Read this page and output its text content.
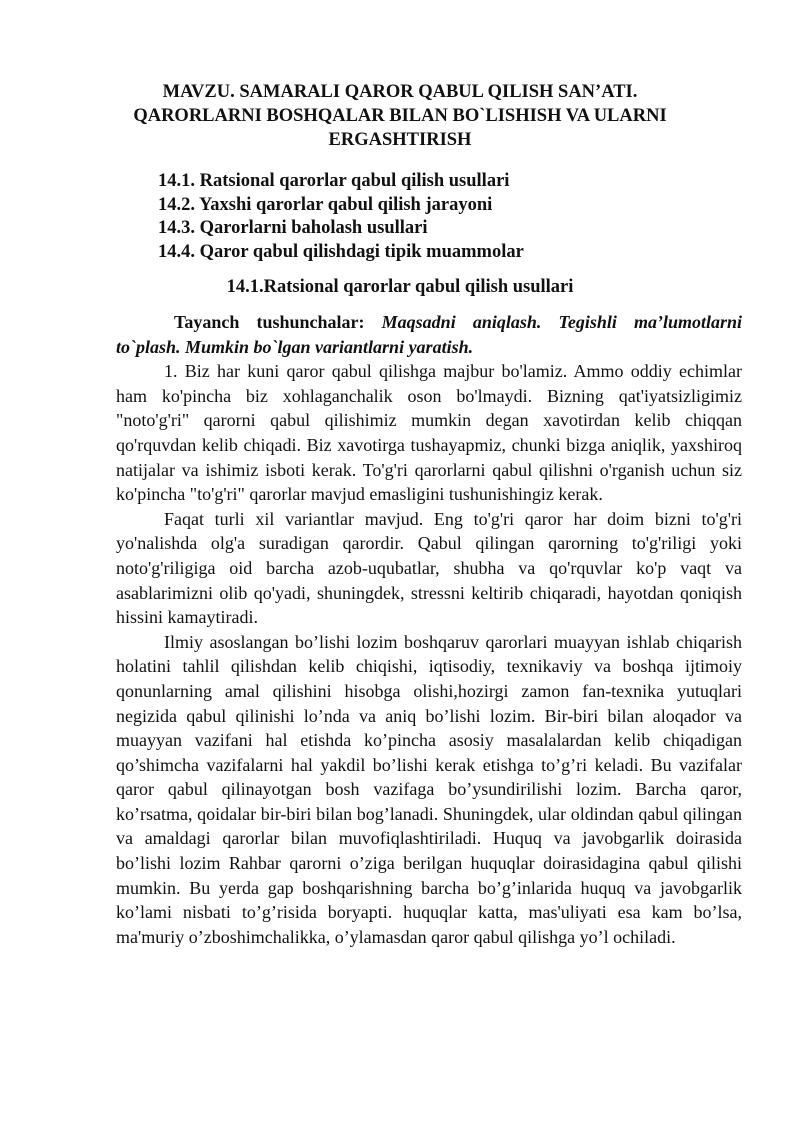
MAVZU. SAMARALI QAROR QABUL QILISH SAN’ATI.
QARORLARNI BOSHQALAR BILAN BO`LISHISH VA ULARNI
ERGASHTIRISH
14.1. Ratsional qarorlar qabul qilish usullari
14.2. Yaxshi qarorlar qabul qilish jarayoni
14.3. Qarorlarni baholash usullari
14.4. Qaror qabul qilishdagi tipik muammolar
14.1.Ratsional qarorlar qabul qilish usullari

Tayanch tushunchalar: Maqsadni aniqlash. Tegishli ma’lumotlarni to`plash. Mumkin bo`lgan variantlarni yaratish.

1. Biz har kuni qaror qabul qilishga majbur bo'lamiz. Ammo oddiy echimlar ham ko'pincha biz xohlaganchalik oson bo'lmaydi. Bizning qat'iyatsizligimiz "noto'g'ri" qarorni qabul qilishimiz mumkin degan xavotirdan kelib chiqqan qo'rquvdan kelib chiqadi. Biz xavotirga tushayapmiz, chunki bizga aniqlik, yaxshiroq natijalar va ishimiz isboti kerak. To'g'ri qarorlarni qabul qilishni o'rganish uchun siz ko'pincha "to'g'ri" qarorlar mavjud emasligini tushunishingiz kerak.

Faqat turli xil variantlar mavjud. Eng to'g'ri qaror har doim bizni to'g'ri yo'nalishda olg'a suradigan qarordir. Qabul qilingan qarorning to'g'riligi yoki noto'g'riligiga oid barcha azob-uqubatlar, shubha va qo'rquvlar ko'p vaqt va asablarimizni olib qo'yadi, shuningdek, stressni keltirib chiqaradi, hayotdan qoniqish hissini kamaytiradi.

Ilmiy asoslangan bo’lishi lozim boshqaruv qarorlari muayyan ishlab chiqarish holatini tahlil qilishdan kelib chiqishi, iqtisodiy, texnikaviy va boshqa ijtimoiy qonunlarning amal qilishini hisobga olishi,hozirgi zamon fan-texnika yutuqlari negizida qabul qilinishi lo’nda va aniq bo’lishi lozim. Bir-biri bilan aloqador va muayyan vazifani hal etishda ko’pincha asosiy masalalardan kelib chiqadigan qo’shimcha vazifalarni hal yakdil bo’lishi kerak etishga to’g’ri keladi. Bu vazifalar qaror qabul qilinayotgan bosh vazifaga bo’ysundirilishi lozim. Barcha qaror, ko’rsatma, qoidalar bir-biri bilan bog’lanadi. Shuningdek, ular oldindan qabul qilingan va amaldagi qarorlar bilan muvofiqlashtiriladi. Huquq va javobgarlik doirasida bo’lishi lozim Rahbar qarorni o’ziga berilgan huquqlar doirasidagina qabul qilishi mumkin. Bu yerda gap boshqarishning barcha bo’g’inlarida huquq va javobgarlik ko’lami nisbati to’g’risida boryapti. huquqlar katta, mas'uliyati esa kam bo’lsa, ma'muriy o’zboshimchalikka, o’ylamasdan qaror qabul qilishga yo’l ochiladi.
